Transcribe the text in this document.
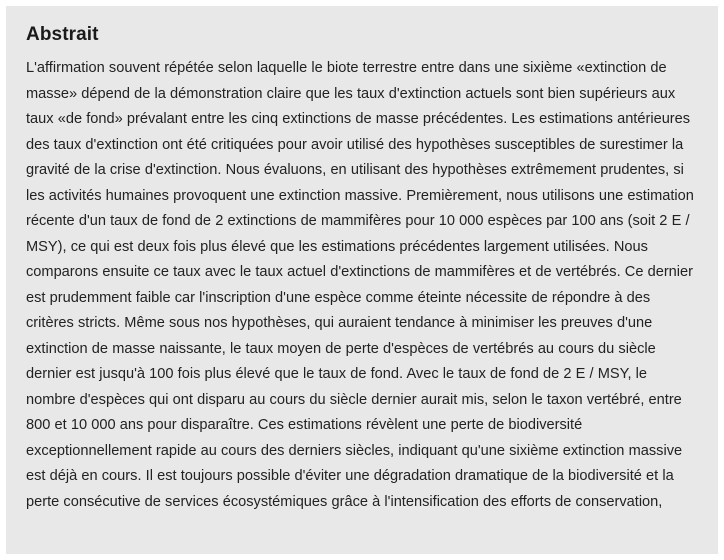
Abstrait

L'affirmation souvent répétée selon laquelle le biote terrestre entre dans une sixième «extinction de masse» dépend de la démonstration claire que les taux d'extinction actuels sont bien supérieurs aux taux «de fond» prévalant entre les cinq extinctions de masse précédentes. Les estimations antérieures des taux d'extinction ont été critiquées pour avoir utilisé des hypothèses susceptibles de surestimer la gravité de la crise d'extinction. Nous évaluons, en utilisant des hypothèses extrêmement prudentes, si les activités humaines provoquent une extinction massive. Premièrement, nous utilisons une estimation récente d'un taux de fond de 2 extinctions de mammifères pour 10 000 espèces par 100 ans (soit 2 E / MSY), ce qui est deux fois plus élevé que les estimations précédentes largement utilisées. Nous comparons ensuite ce taux avec le taux actuel d'extinctions de mammifères et de vertébrés. Ce dernier est prudemment faible car l'inscription d'une espèce comme éteinte nécessite de répondre à des critères stricts. Même sous nos hypothèses, qui auraient tendance à minimiser les preuves d'une extinction de masse naissante, le taux moyen de perte d'espèces de vertébrés au cours du siècle dernier est jusqu'à 100 fois plus élevé que le taux de fond. Avec le taux de fond de 2 E / MSY, le nombre d'espèces qui ont disparu au cours du siècle dernier aurait mis, selon le taxon vertébré, entre 800 et 10 000 ans pour disparaître. Ces estimations révèlent une perte de biodiversité exceptionnellement rapide au cours des derniers siècles, indiquant qu'une sixième extinction massive est déjà en cours. Il est toujours possible d'éviter une dégradation dramatique de la biodiversité et la perte consécutive de services écosystémiques grâce à l'intensification des efforts de conservation,
